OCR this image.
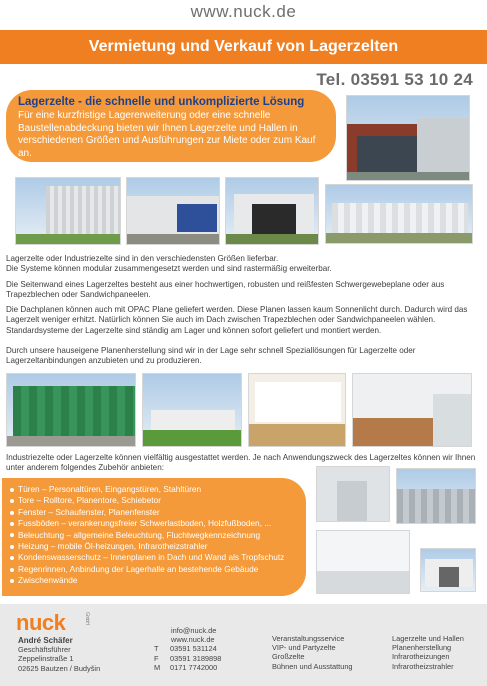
www.nuck.de
Vermietung und Verkauf von Lagerzelten
Tel. 03591 53 10 24
Lagerzelte - die schnelle und unkomplizierte Lösung
Für eine kurzfristige Lagererweiterung oder eine schnelle Baustellenabdeckung bieten wir Ihnen Lagerzelte und Hallen in verschiedenen Größen und Ausführungen zur Miete oder zum Kauf an.
Lagerzelte oder Industriezelte sind in den verschiedensten Größen lieferbar.
Die Systeme können modular zusammengesetzt werden und sind rastermäßig erweiterbar.
Die Seitenwand eines Lagerzeltes besteht aus einer hochwertigen, robusten und reißfesten Schwergewebeplane oder aus Trapezblechen oder Sandwichpaneelen.
Die Dachplanen können auch mit OPAC Plane geliefert werden. Diese Planen lassen kaum Sonnenlicht durch. Dadurch wird das Lagerzelt weniger erhitzt. Natürlich können Sie auch im Dach zwischen Trapezblechen oder Sandwichpaneelen wählen. Standardsysteme der Lagerzelte sind ständig am Lager und können sofort geliefert und montiert werden.
Durch unsere hauseigene Planenherstellung sind wir in der Lage sehr schnell Speziallösungen für Lagerzelte oder Lagerzeltanbindungen anzubieten und zu produzieren.
Industriezelte oder Lagerzelte können vielfältig ausgestattet werden. Je nach Anwendungszweck des Lagerzeltes können wir Ihnen unter anderem folgendes Zubehör anbieten:
Türen – Personaltüren, Eingangstüren, Stahltüren
Tore – Rolltore, Planentore, Schiebetor
Fenster – Schaufenster, Planenfenster
Fussböden – verankerungsfreier Schwerlastboden, Holzfußboden, ...
Beleuchtung – allgemeine Beleuchtung, Fluchtwegkennzeichnung
Heizung – mobile Öl-heizungen, Infrarotheizstrahler
Kondenswasserschutz – Innenplanen in Dach und Wand als Tropfschutz
Regenrinnen, Anbindung der Lagerhalle an bestehende Gebäude
Zwischenwände
nuck	GmbH
André Schäfer
Geschäftsführer
Zeppelinstraße 1
02625 Bautzen / Budyšin
info@nuck.de
www.nuck.de
T 03591 531124
F 03591 3189898
M 0171 7742000
Veranstaltungsservice
VIP- und Partyzelte
Großzelte
Bühnen und Ausstattung
Lagerzelte und Hallen
Planenherstellung
Infrarotheizungen
Infrarotheizstrahler
